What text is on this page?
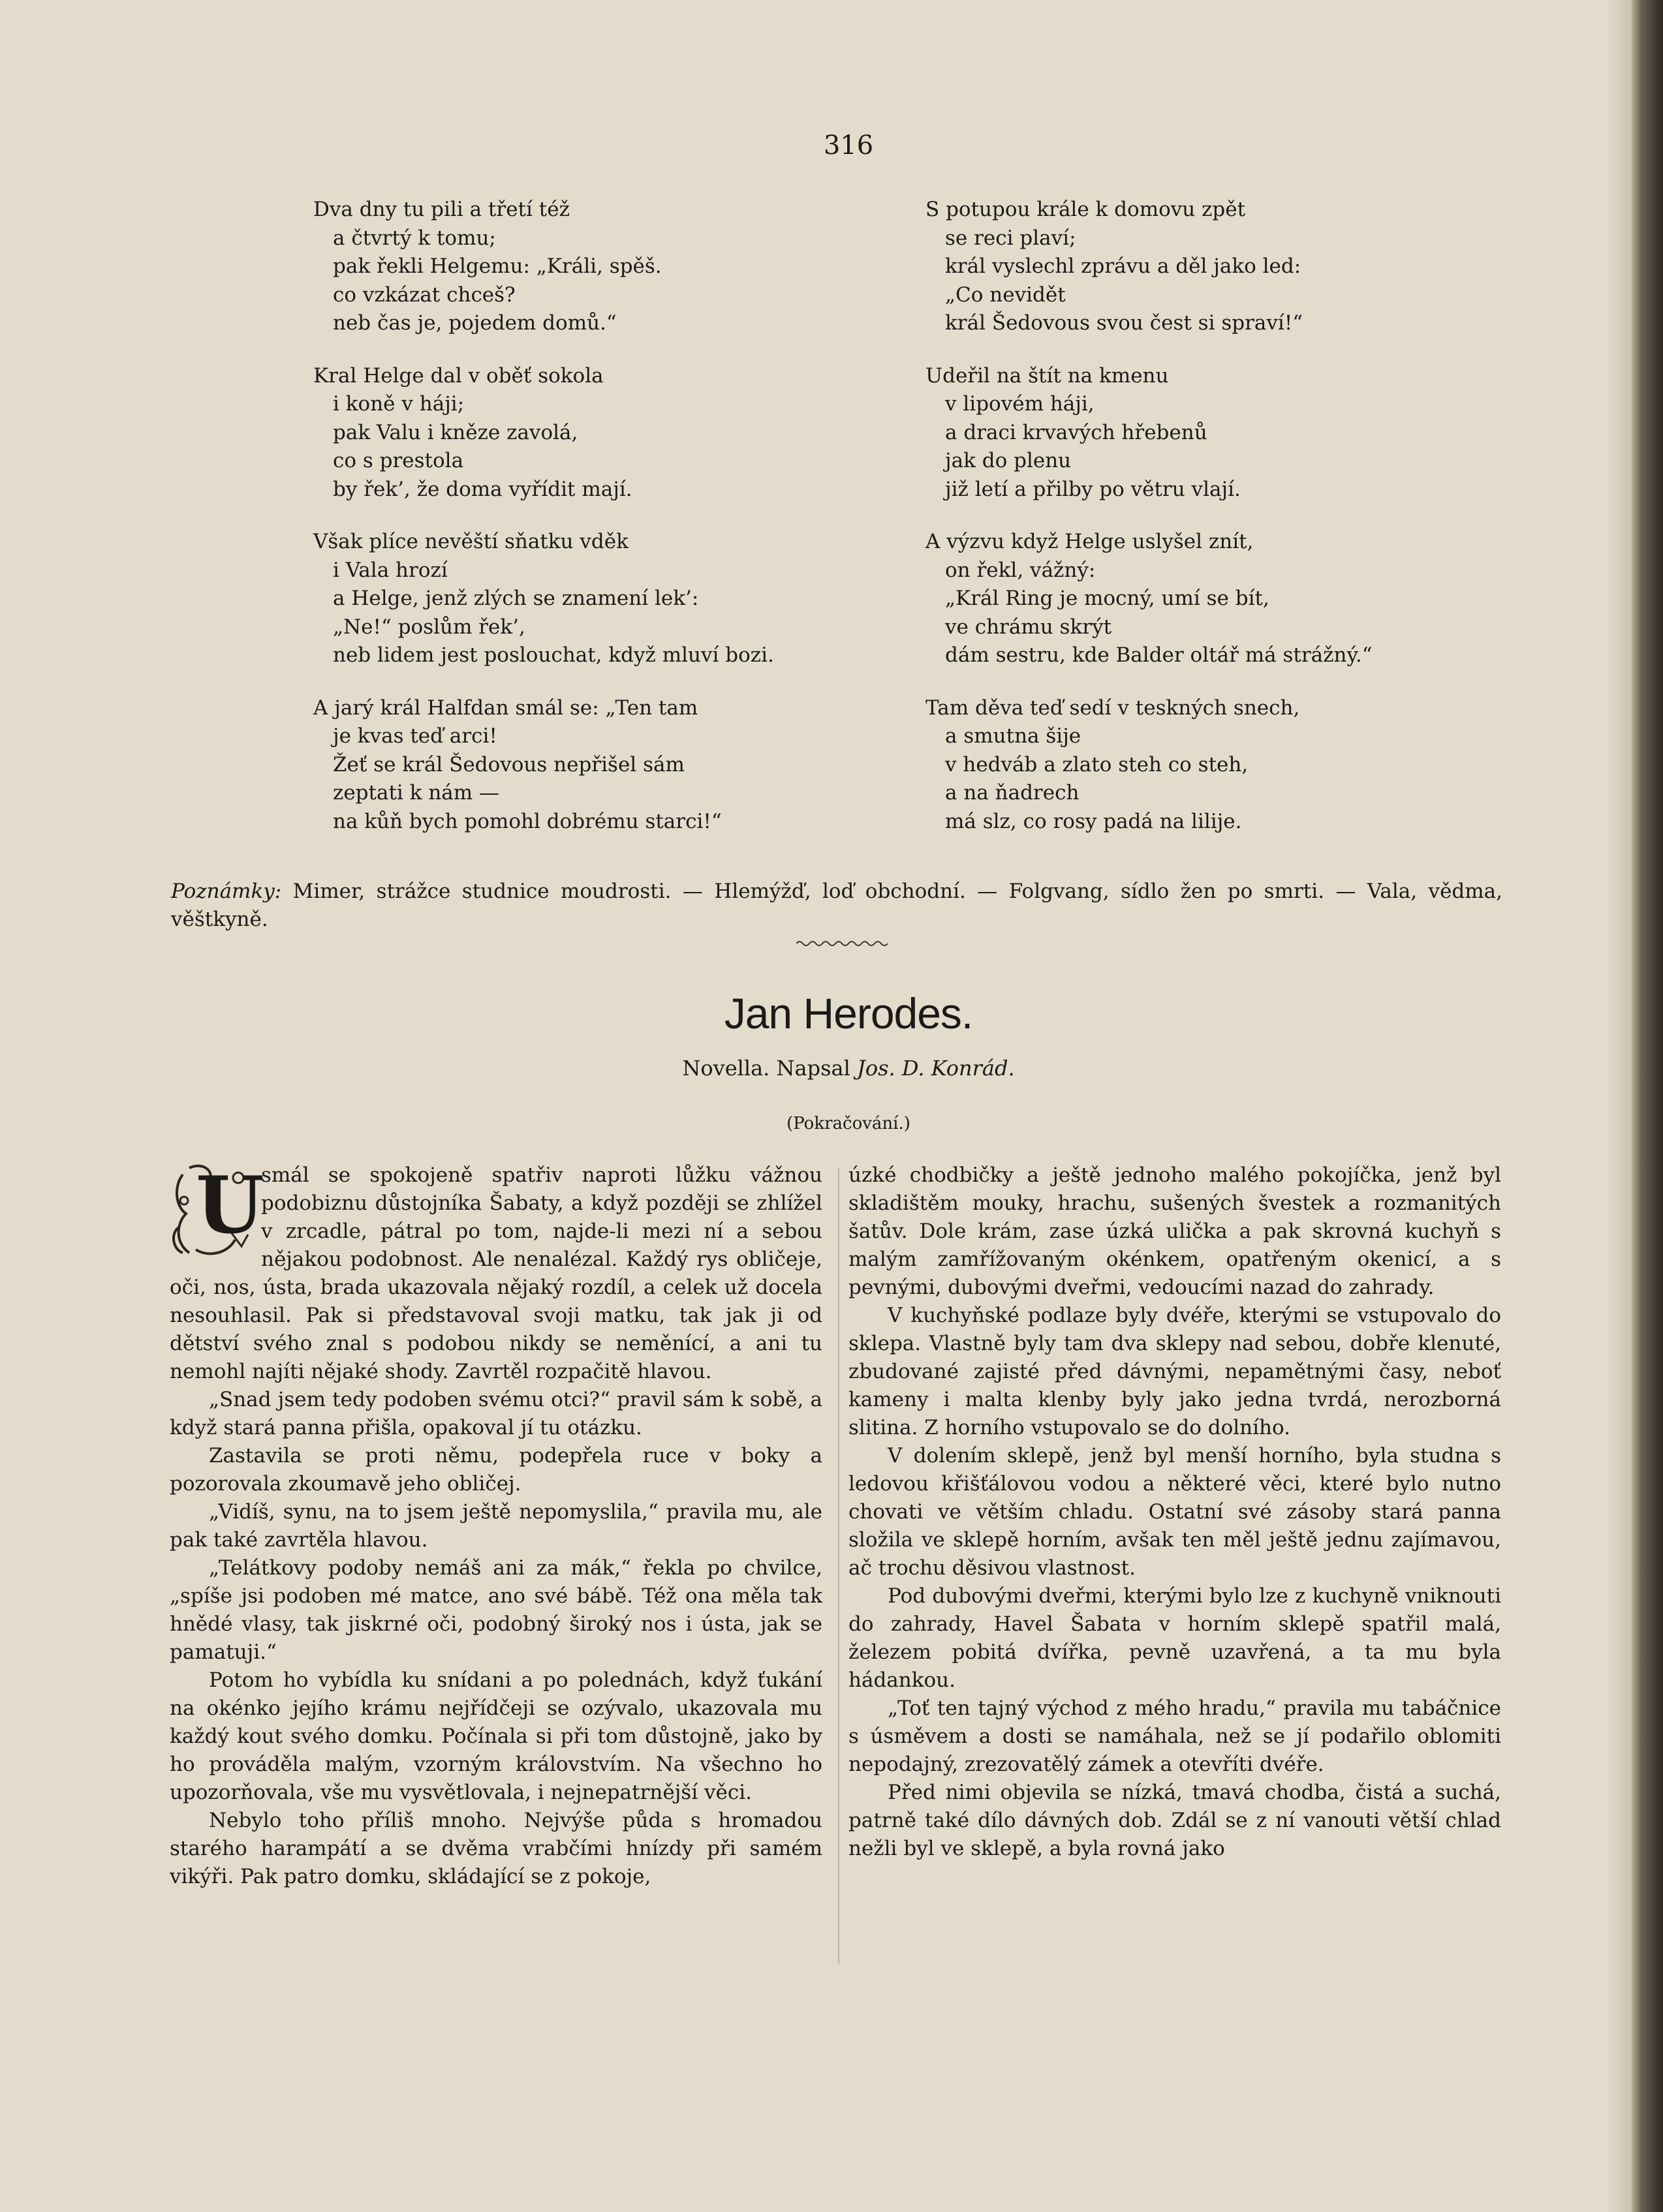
316
Dva dny tu pili a třetí též
a čtvrtý k tomu;
pak řekli Helgemu: „Králi, spěš.
co vzkázat chceš?
neb čas je, pojedem domů.“
Kral Helge dal v oběť sokola
i koně v háji;
pak Valu i kněze zavolá,
co s prestola
by řek’, že doma vyřídit mají.
Však plíce nevěští sňatku vděk
i Vala hrozí
a Helge, jenž zlých se znamení lek’:
„Ne!“ poslům řek’,
neb lidem jest poslouchat, když mluví bozi.
A jarý král Halfdan smál se: „Ten tam
je kvas teď arci!
Žeť se král Šedovous nepřišel sám
zeptati k nám —
na kůň bych pomohl dobrému starci!“
S potupou krále k domovu zpět
se reci plaví;
král vyslechl zprávu a děl jako led:
„Co nevidět
král Šedovous svou čest si spraví!“
Udeřil na štít na kmenu
v lipovém háji,
a draci krvavých hřebenů
jak do plenu
již letí a přilby po větru vlají.
A výzvu když Helge uslyšel znít,
on řekl, vážný:
„Král Ring je mocný, umí se bít,
ve chrámu skrýt
dám sestru, kde Balder oltář má strážný.“
Tam děva teď sedí v teskných snech,
a smutna šije
v hedváb a zlato steh co steh,
a na ňadrech
má slz, co rosy padá na lilije.
Poznámky: Mimer, strážce studnice moudrosti. — Hlemýžď, loď obchodní. — Folgvang, sídlo žen po smrti. — Vala, vědma, věštkyně.
Jan Herodes.
Novella. Napsal Jos. D. Konrád.
(Pokračování.)
U

smál se spokojeně spatřiv naproti lůžku vážnou podobiznu důstojníka Šabaty, a když později se zhlížel v zrcadle, pátral po tom, najde-li mezi ní a sebou nějakou podobnost. Ale nenalézal. Každý rys obličeje, oči, nos, ústa, brada ukazovala nějaký rozdíl, a celek už docela nesouhlasil. Pak si představoval svoji matku, tak jak ji od dětství svého znal s podobou nikdy se neměnící, a ani tu nemohl najíti nějaké shody. Zavrtěl rozpačitě hlavou.

„Snad jsem tedy podoben svému otci?“ pravil sám k sobě, a když stará panna přišla, opakoval jí tu otázku.

Zastavila se proti němu, podepřela ruce v boky a pozorovala zkoumavě jeho obličej.

„Vidíš, synu, na to jsem ještě nepomyslila,“ pravila mu, ale pak také zavrtěla hlavou.

„Telátkovy podoby nemáš ani za mák,“ řekla po chvilce, „spíše jsi podoben mé matce, ano své bábě. Též ona měla tak hnědé vlasy, tak jiskrné oči, podobný široký nos i ústa, jak se pamatuji.“

Potom ho vybídla ku snídani a po polednách, když ťukání na okénko jejího krámu nejřídčeji se ozývalo, ukazovala mu každý kout svého domku. Počínala si při tom důstojně, jako by ho prováděla malým, vzorným královstvím. Na všechno ho upozorňovala, vše mu vysvětlovala, i nejnepatrnější věci.

Nebylo toho příliš mnoho. Nejvýše půda s hromadou starého harampátí a se dvěma vrabčími hnízdy při samém vikýři. Pak patro domku, skládající se z pokoje,

úzké chodbičky a ještě jednoho malého pokojíčka, jenž byl skladištěm mouky, hrachu, sušených švestek a rozmanitých šatův. Dole krám, zase úzká ulička a pak skrovná kuchyň s malým zamřížovaným okénkem, opatřeným okenicí, a s pevnými, dubovými dveřmi, vedoucími nazad do zahrady.

V kuchyňské podlaze byly dvéře, kterými se vstupovalo do sklepa. Vlastně byly tam dva sklepy nad sebou, dobře klenuté, zbudované zajisté před dávnými, nepamětnými časy, neboť kameny i malta klenby byly jako jedna tvrdá, nerozborná slitina. Z horního vstupovalo se do dolního.

V dolením sklepě, jenž byl menší horního, byla studna s ledovou křišťálovou vodou a některé věci, které bylo nutno chovati ve větším chladu. Ostatní své zásoby stará panna složila ve sklepě horním, avšak ten měl ještě jednu zajímavou, ač trochu děsivou vlastnost.

Pod dubovými dveřmi, kterými bylo lze z kuchyně vniknouti do zahrady, Havel Šabata v horním sklepě spatřil malá, železem pobitá dvířka, pevně uzavřená, a ta mu byla hádankou.

„Toť ten tajný východ z mého hradu,“ pravila mu tabáčnice s úsměvem a dosti se namáhala, než se jí podařilo oblomiti nepodajný, zrezovatělý zámek a otevříti dvéře.

Před nimi objevila se nízká, tmavá chodba, čistá a suchá, patrně také dílo dávných dob. Zdál se z ní vanouti větší chlad nežli byl ve sklepě, a byla rovná jako
